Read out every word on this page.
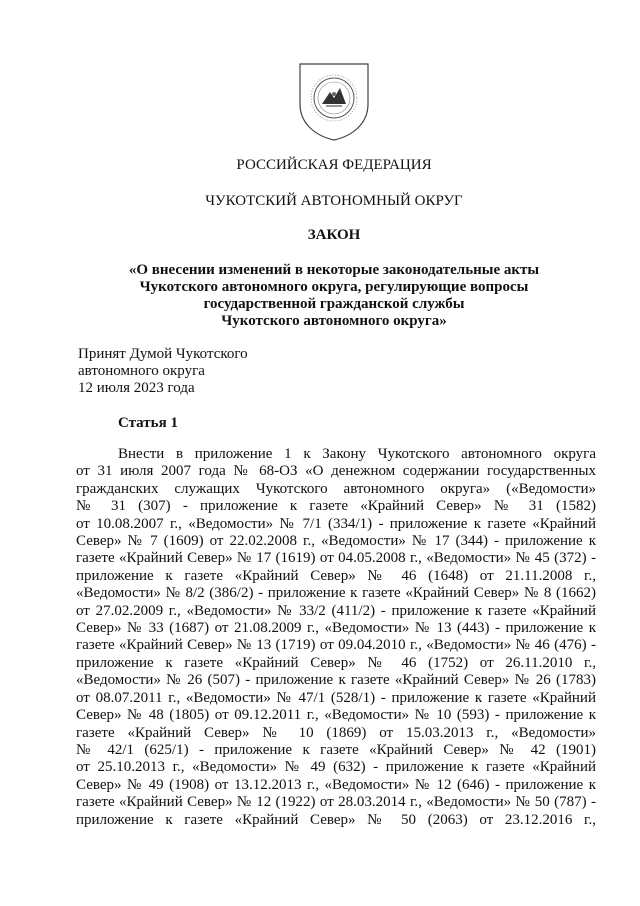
РОССИЙСКАЯ ФЕДЕРАЦИЯ
ЧУКОТСКИЙ АВТОНОМНЫЙ ОКРУГ
ЗАКОН
«О внесении изменений в некоторые законодательные акты
Чукотского автономного округа, регулирующие вопросы
государственной гражданской службы
Чукотского автономного округа»
Принят Думой Чукотского
автономного округа
12 июля 2023 года
Статья 1
Внести в приложение 1 к Закону Чукотского автономного округа
от 31 июля 2007 года № 68-ОЗ «О денежном содержании государственных
гражданских служащих Чукотского автономного округа» («Ведомости»
№ 31 (307) - приложение к газете «Крайний Север» № 31 (1582)
от 10.08.2007 г., «Ведомости» № 7/1 (334/1) - приложение к газете «Крайний
Север» № 7 (1609) от 22.02.2008 г., «Ведомости» № 17 (344) - приложение к
газете «Крайний Север» № 17 (1619) от 04.05.2008 г., «Ведомости» № 45 (372) -
приложение к газете «Крайний Север» № 46 (1648) от 21.11.2008 г.,
«Ведомости» № 8/2 (386/2) - приложение к газете «Крайний Север» № 8 (1662)
от 27.02.2009 г., «Ведомости» № 33/2 (411/2) - приложение к газете «Крайний
Север» № 33 (1687) от 21.08.2009 г., «Ведомости» № 13 (443) - приложение к
газете «Крайний Север» № 13 (1719) от 09.04.2010 г., «Ведомости» № 46 (476) -
приложение к газете «Крайний Север» № 46 (1752) от 26.11.2010 г.,
«Ведомости» № 26 (507) - приложение к газете «Крайний Север» № 26 (1783)
от 08.07.2011 г., «Ведомости» № 47/1 (528/1) - приложение к газете «Крайний
Север» № 48 (1805) от 09.12.2011 г., «Ведомости» № 10 (593) - приложение к
газете «Крайний Север» № 10 (1869) от 15.03.2013 г., «Ведомости»
№ 42/1 (625/1) - приложение к газете «Крайний Север» № 42 (1901)
от 25.10.2013 г., «Ведомости» № 49 (632) - приложение к газете «Крайний
Север» № 49 (1908) от 13.12.2013 г., «Ведомости» № 12 (646) - приложение к
газете «Крайний Север» № 12 (1922) от 28.03.2014 г., «Ведомости» № 50 (787) -
приложение к газете «Крайний Север» № 50 (2063) от 23.12.2016 г.,
